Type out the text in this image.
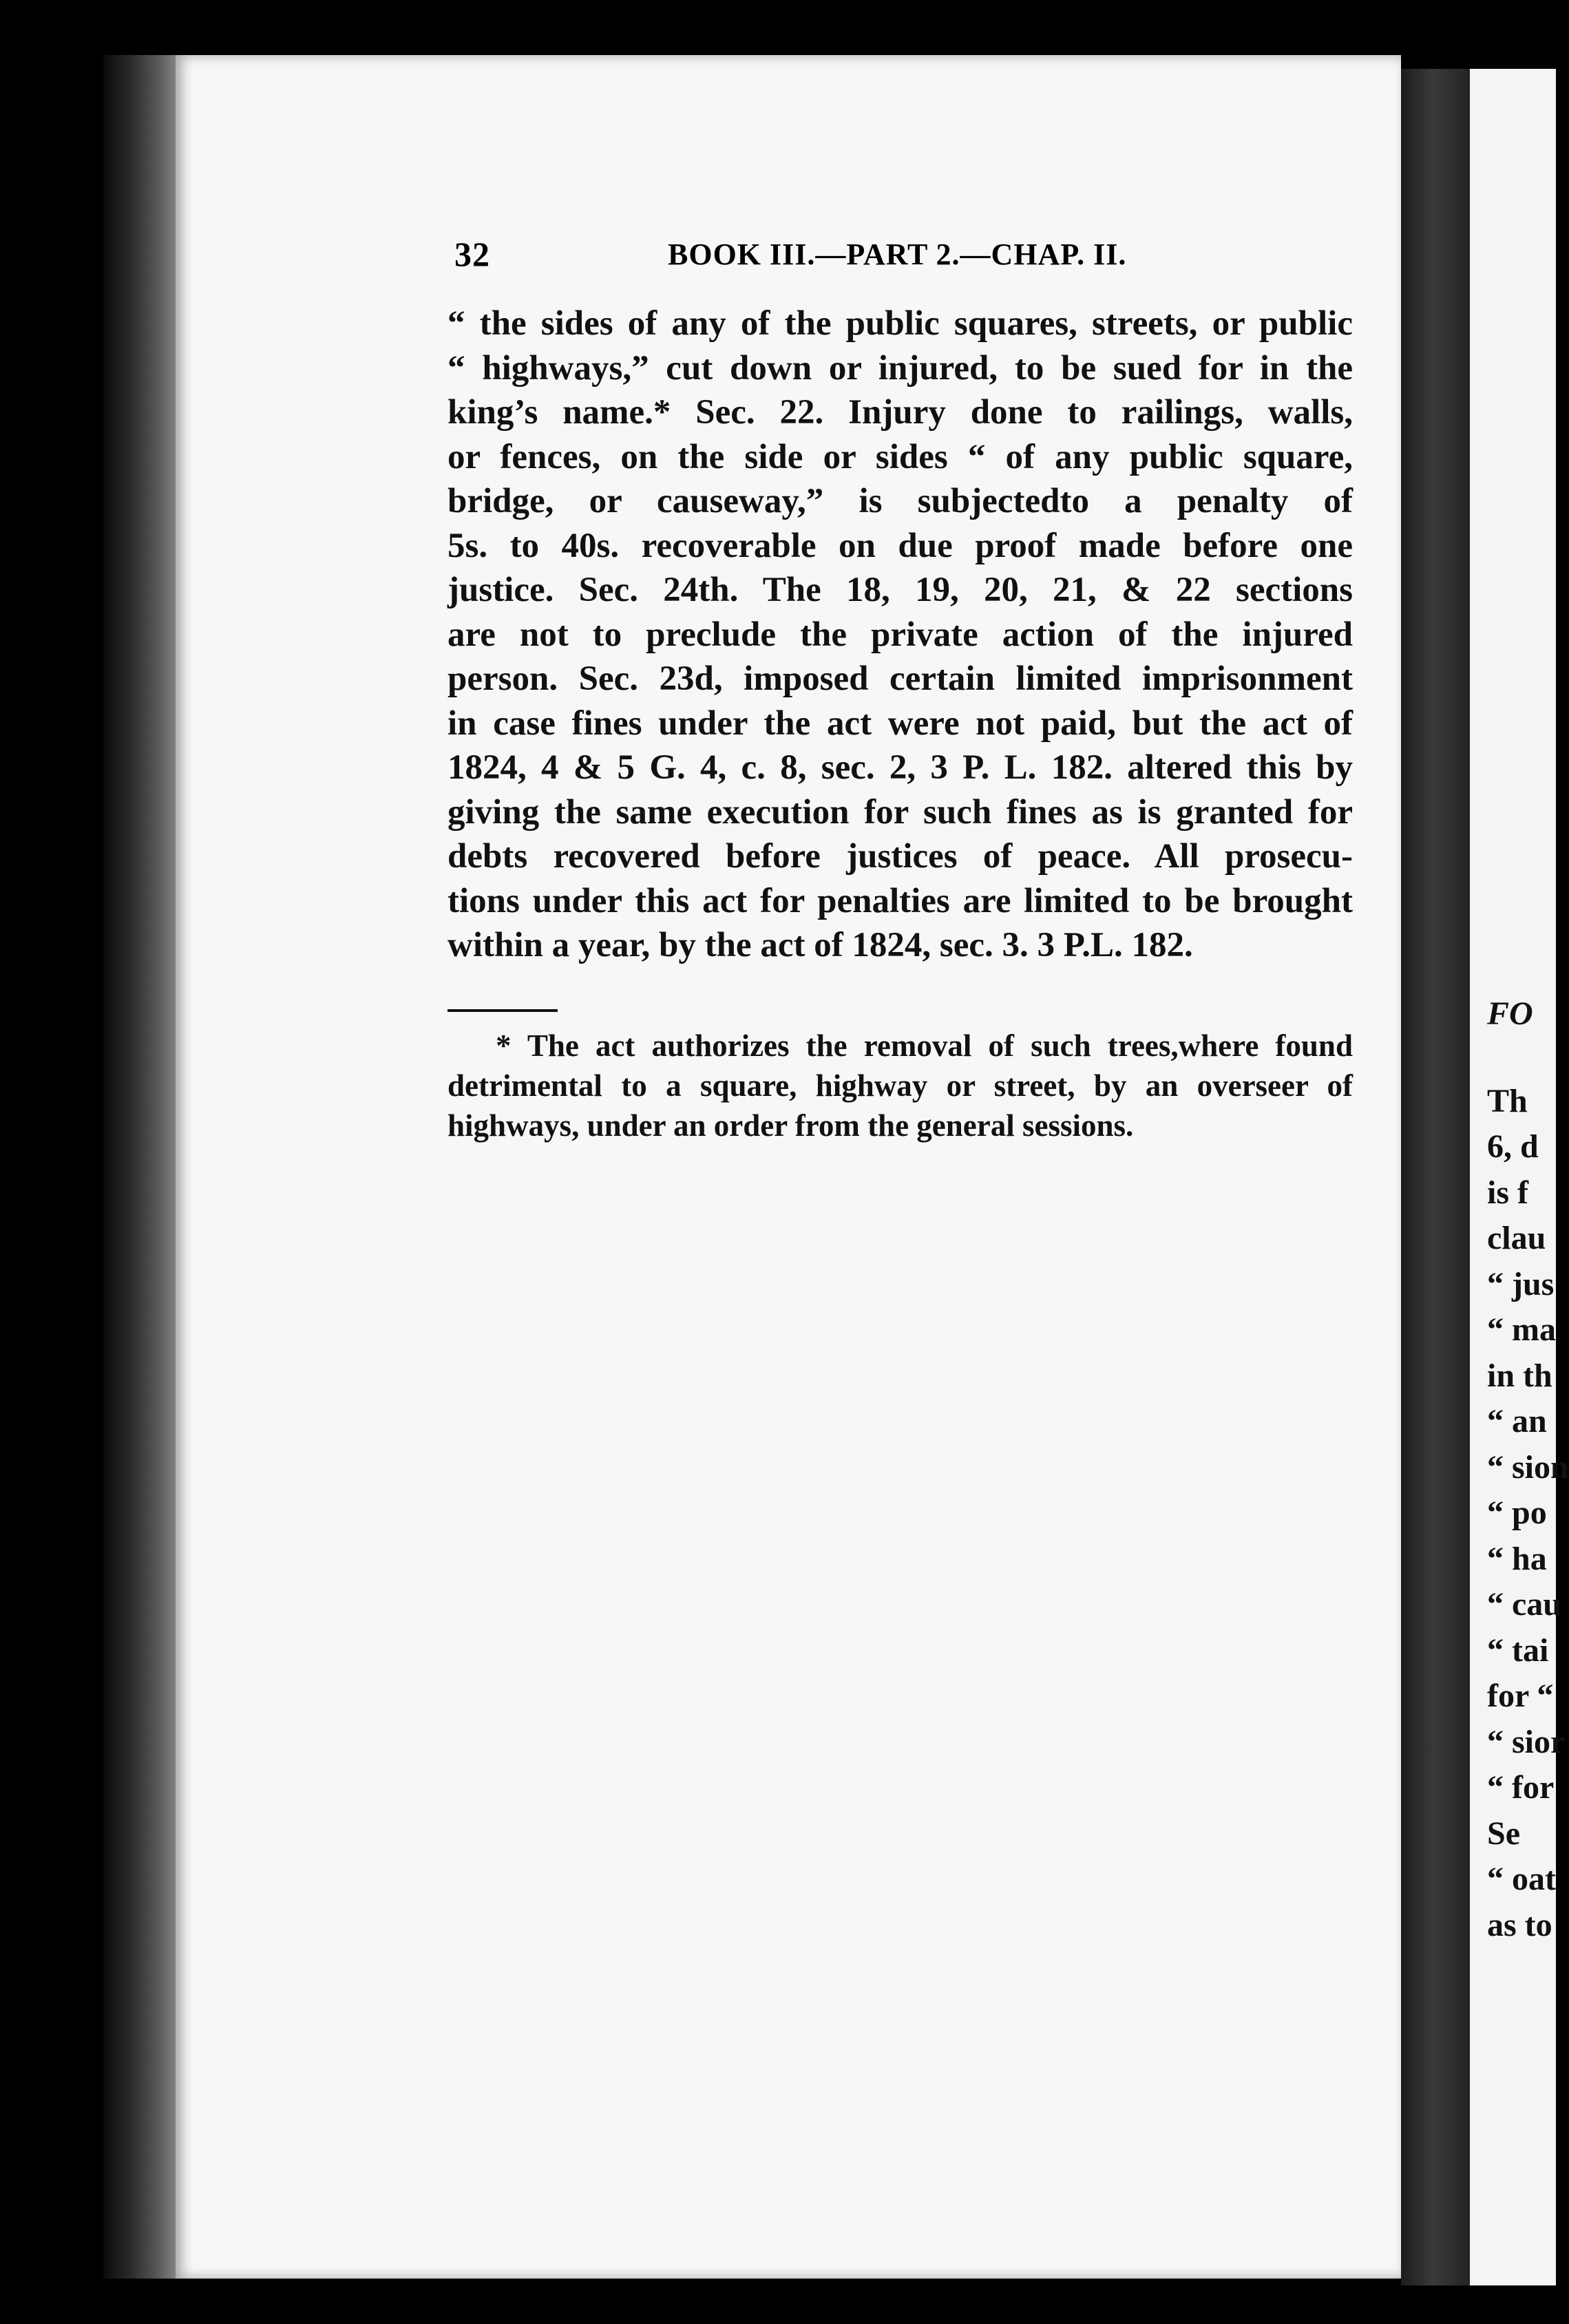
32	BOOK III.—PART 2.—CHAP. II.
“ the sides of any of the public squares, streets, or public
“ highways,” cut down or injured, to be sued for in the
king’s name.* Sec. 22. Injury done to railings, walls,
or fences, on the side or sides “ of any public square,
bridge, or causeway,” is subjectedto a penalty of
5s. to 40s. recoverable on due proof made before one
justice. Sec. 24th. The 18, 19, 20, 21, & 22 sections
are not to preclude the private action of the injured
person. Sec. 23d, imposed certain limited imprisonment
in case fines under the act were not paid, but the act of
1824, 4 & 5 G. 4, c. 8, sec. 2, 3 P. L. 182. altered this by
giving the same execution for such fines as is granted for
debts recovered before justices of peace. All prosecu-
tions under this act for penalties are limited to be brought
within a year, by the act of 1824, sec. 3. 3 P.L. 182.
* The act authorizes the removal of such trees,where found
detrimental to a square, highway or street, by an overseer of
highways, under an order from the general sessions.
FO
Th
6, d
is f
clau
“ jus
“ ma
in th
“ an
“ sion
“ po
“ ha
“ cau
“ tai
for “
“ sior
“ for
Se
“ oat
as to
